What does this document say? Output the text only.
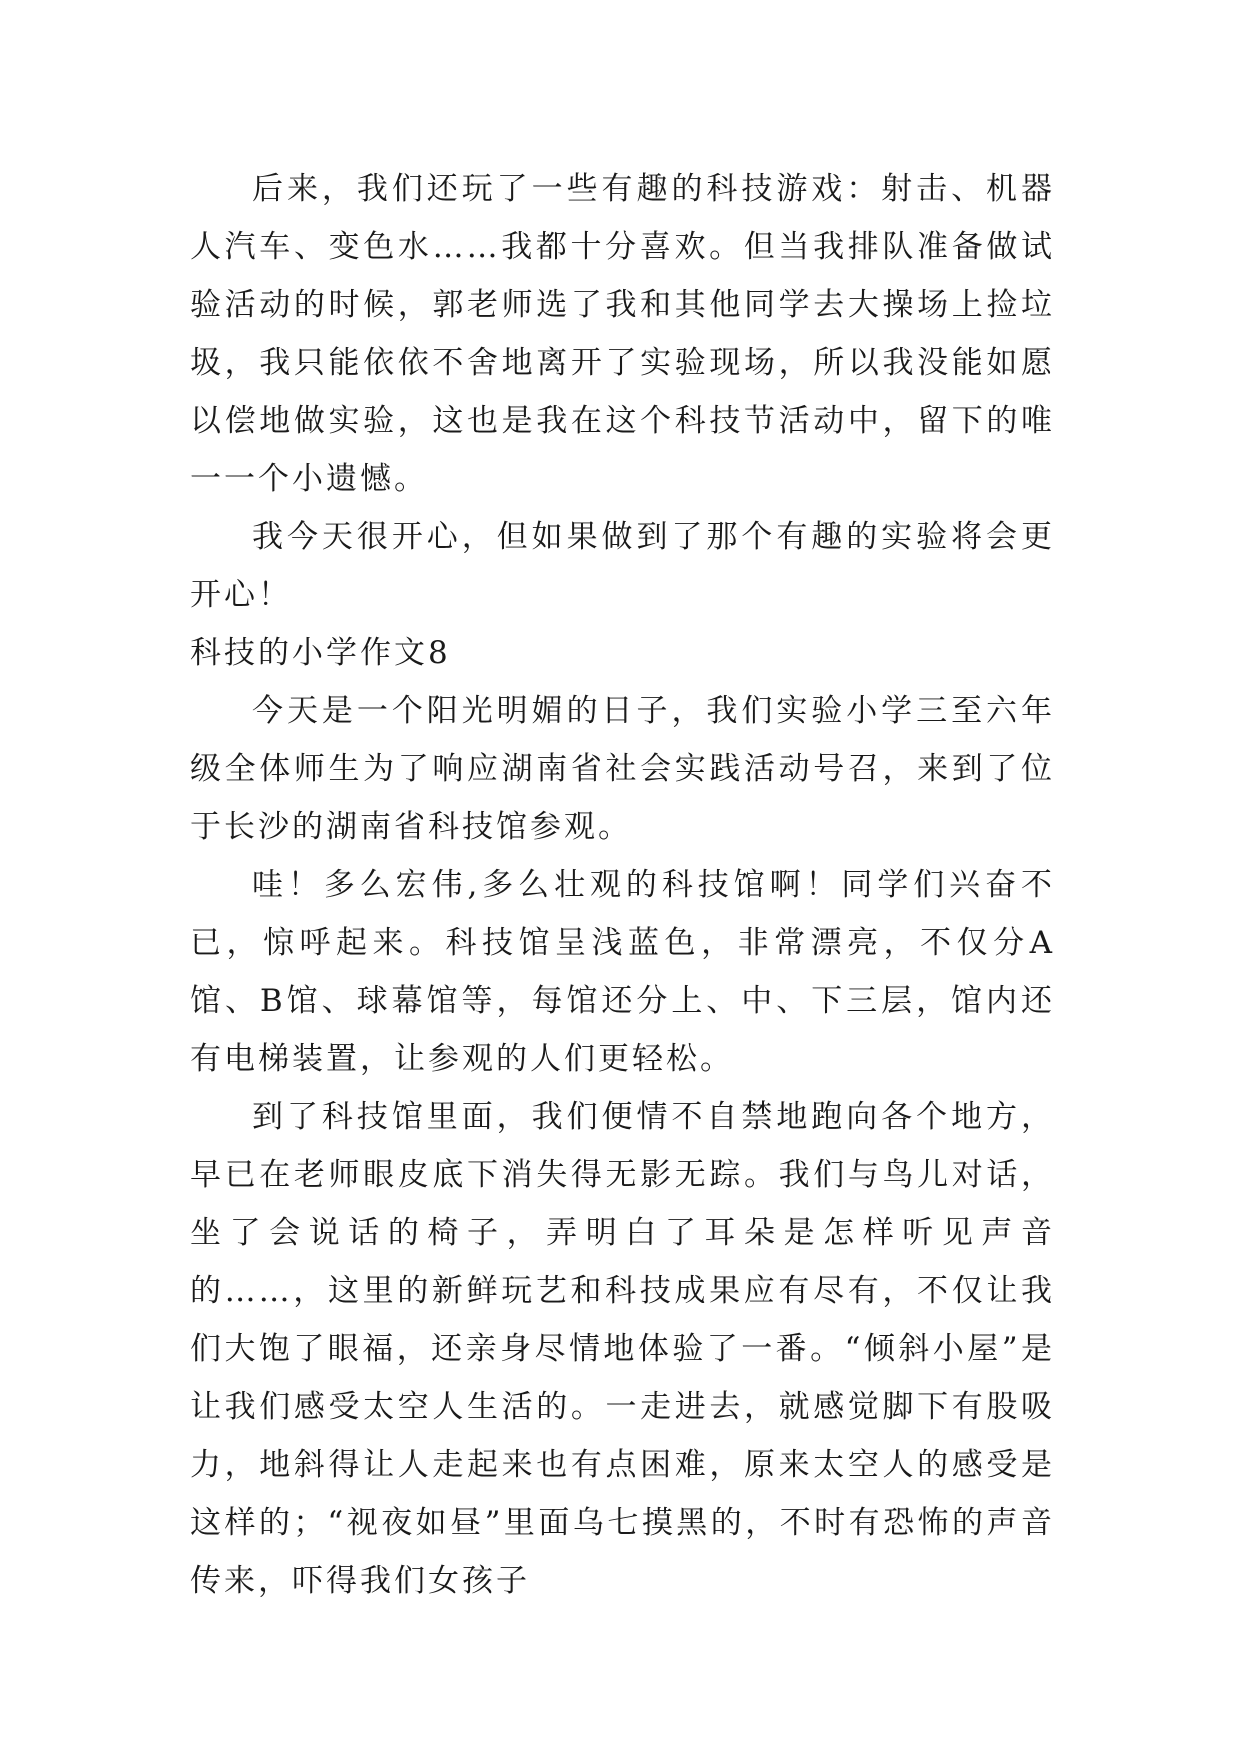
后来，我们还玩了一些有趣的科技游戏：射击、机器人汽车、变色水……我都十分喜欢。但当我排队准备做试验活动的时候，郭老师选了我和其他同学去大操场上捡垃圾，我只能依依不舍地离开了实验现场，所以我没能如愿以偿地做实验，这也是我在这个科技节活动中，留下的唯一一个小遗憾。

我今天很开心，但如果做到了那个有趣的实验将会更开心！

科技的小学作文8

今天是一个阳光明媚的日子，我们实验小学三至六年级全体师生为了响应湖南省社会实践活动号召，来到了位于长沙的湖南省科技馆参观。

哇！多么宏伟,多么壮观的科技馆啊！同学们兴奋不已，惊呼起来。科技馆呈浅蓝色，非常漂亮，不仅分A馆、B馆、球幕馆等，每馆还分上、中、下三层，馆内还有电梯装置，让参观的人们更轻松。

到了科技馆里面，我们便情不自禁地跑向各个地方，早已在老师眼皮底下消失得无影无踪。我们与鸟儿对话，坐了会说话的椅子，弄明白了耳朵是怎样听见声音的……，这里的新鲜玩艺和科技成果应有尽有，不仅让我们大饱了眼福，还亲身尽情地体验了一番。“倾斜小屋”是让我们感受太空人生活的。一走进去，就感觉脚下有股吸力，地斜得让人走起来也有点困难，原来太空人的感受是这样的；“视夜如昼”里面乌七摸黑的，不时有恐怖的声音传来，吓得我们女孩子
